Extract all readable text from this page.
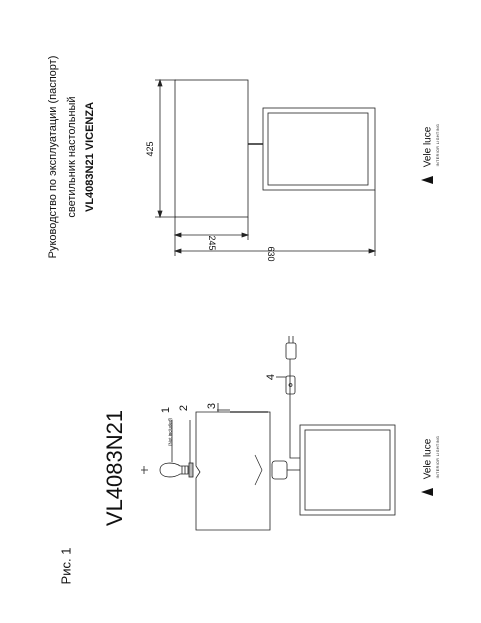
Руководство по эксплуатации (паспорт) светильник настольный VL4083N21 VICENZA
Рис. 1
VL4083N21
425
245
630
1 2 3
4
(Not included)
Vele luce INTERIOR LIGHTING
Vele luce INTERIOR LIGHTING
